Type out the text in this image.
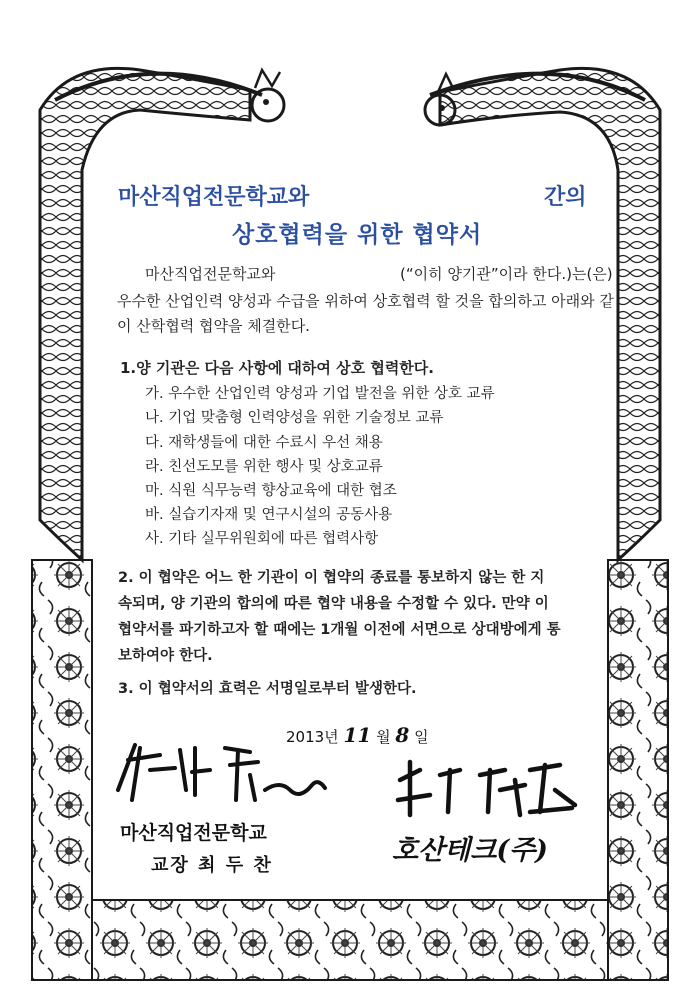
마산직업전문학교와	간의
상호협력을 위한 협약서
마산직업전문학교와	(“이히 양기관”이라 한다.)는(은)
우수한 산업인력 양성과 수급을 위하여 상호협력 할 것을 합의하고 아래와 같
이 산학협력 협약을 체결한다.
1.양 기관은 다음 사항에 대하여 상호 협력한다.
가. 우수한 산업인력 양성과 기업 발전을 위한 상호 교류
나. 기업 맞춤형 인력양성을 위한 기술정보 교류
다. 재학생들에 대한 수료시 우선 채용
라. 친선도모를 위한 행사 및 상호교류
마. 식원 식무능력 향상교육에 대한 협조
바. 실습기자재 및 연구시설의 공동사용
사. 기타 실무위원회에 따른 협력사항
2. 이 협약은 어느 한 기관이 이 협약의 종료를 통보하지 않는 한 지
속되며, 양 기관의 합의에 따른 협약 내용을 수정할 수 있다. 만약 이
협약서를 파기하고자 할 때에는 1개월 이전에 서면으로 상대방에게 통
보하여야 한다.
3. 이 협약서의 효력은 서명일로부터 발생한다.
2013년 11 월 8 일
마산직업전문학교
교장 최 두 찬	호산테크(주)
